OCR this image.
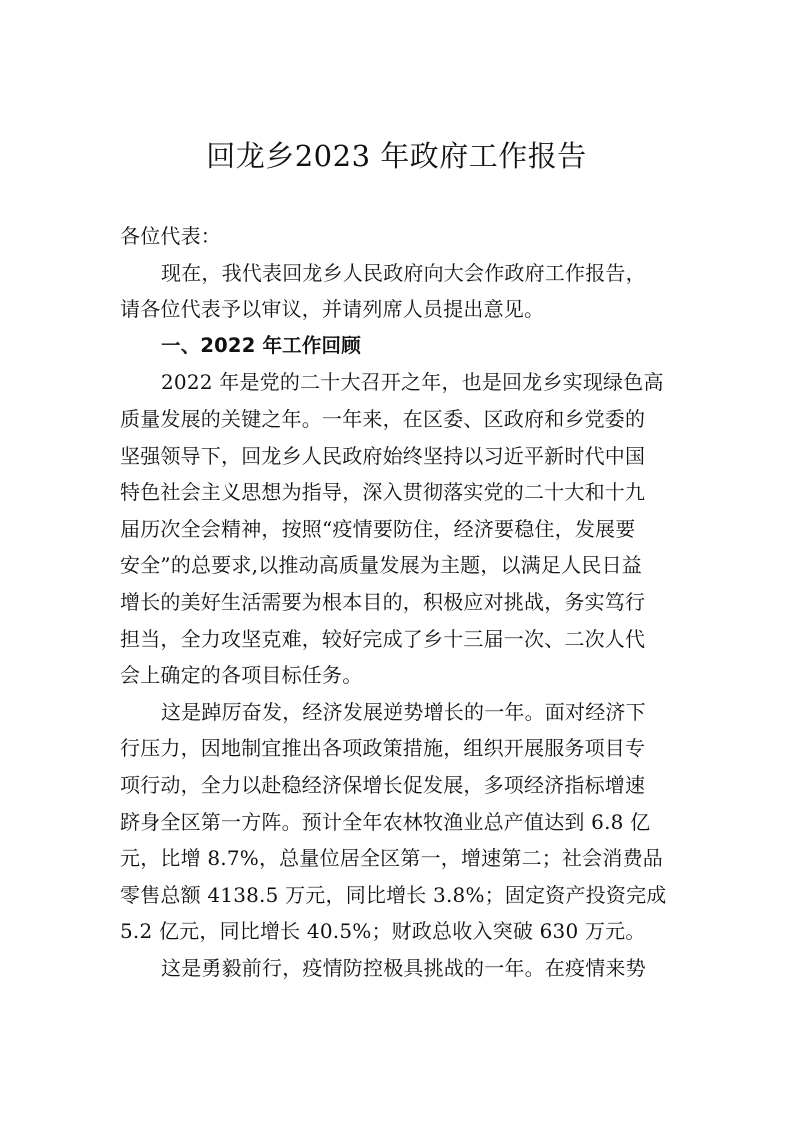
回龙乡2023 年政府工作报告
各位代表：
现在，我代表回龙乡人民政府向大会作政府工作报告，
请各位代表予以审议，并请列席人员提出意见。
一、2022 年工作回顾
2022 年是党的二十大召开之年，也是回龙乡实现绿色高
质量发展的关键之年。一年来，在区委、区政府和乡党委的
坚强领导下，回龙乡人民政府始终坚持以习近平新时代中国
特色社会主义思想为指导，深入贯彻落实党的二十大和十九
届历次全会精神，按照“疫情要防住，经济要稳住，发展要
安全”的总要求,以推动高质量发展为主题，以满足人民日益
增长的美好生活需要为根本目的，积极应对挑战，务实笃行
担当，全力攻坚克难，较好完成了乡十三届一次、二次人代
会上确定的各项目标任务。
这是踔厉奋发，经济发展逆势增长的一年。面对经济下
行压力，因地制宜推出各项政策措施，组织开展服务项目专
项行动，全力以赴稳经济保增长促发展，多项经济指标增速
跻身全区第一方阵。预计全年农林牧渔业总产值达到 6.8 亿
元，比增 8.7%，总量位居全区第一，增速第二；社会消费品
零售总额 4138.5 万元，同比增长 3.8%；固定资产投资完成
5.2 亿元，同比增长 40.5%；财政总收入突破 630 万元。
这是勇毅前行，疫情防控极具挑战的一年。在疫情来势
